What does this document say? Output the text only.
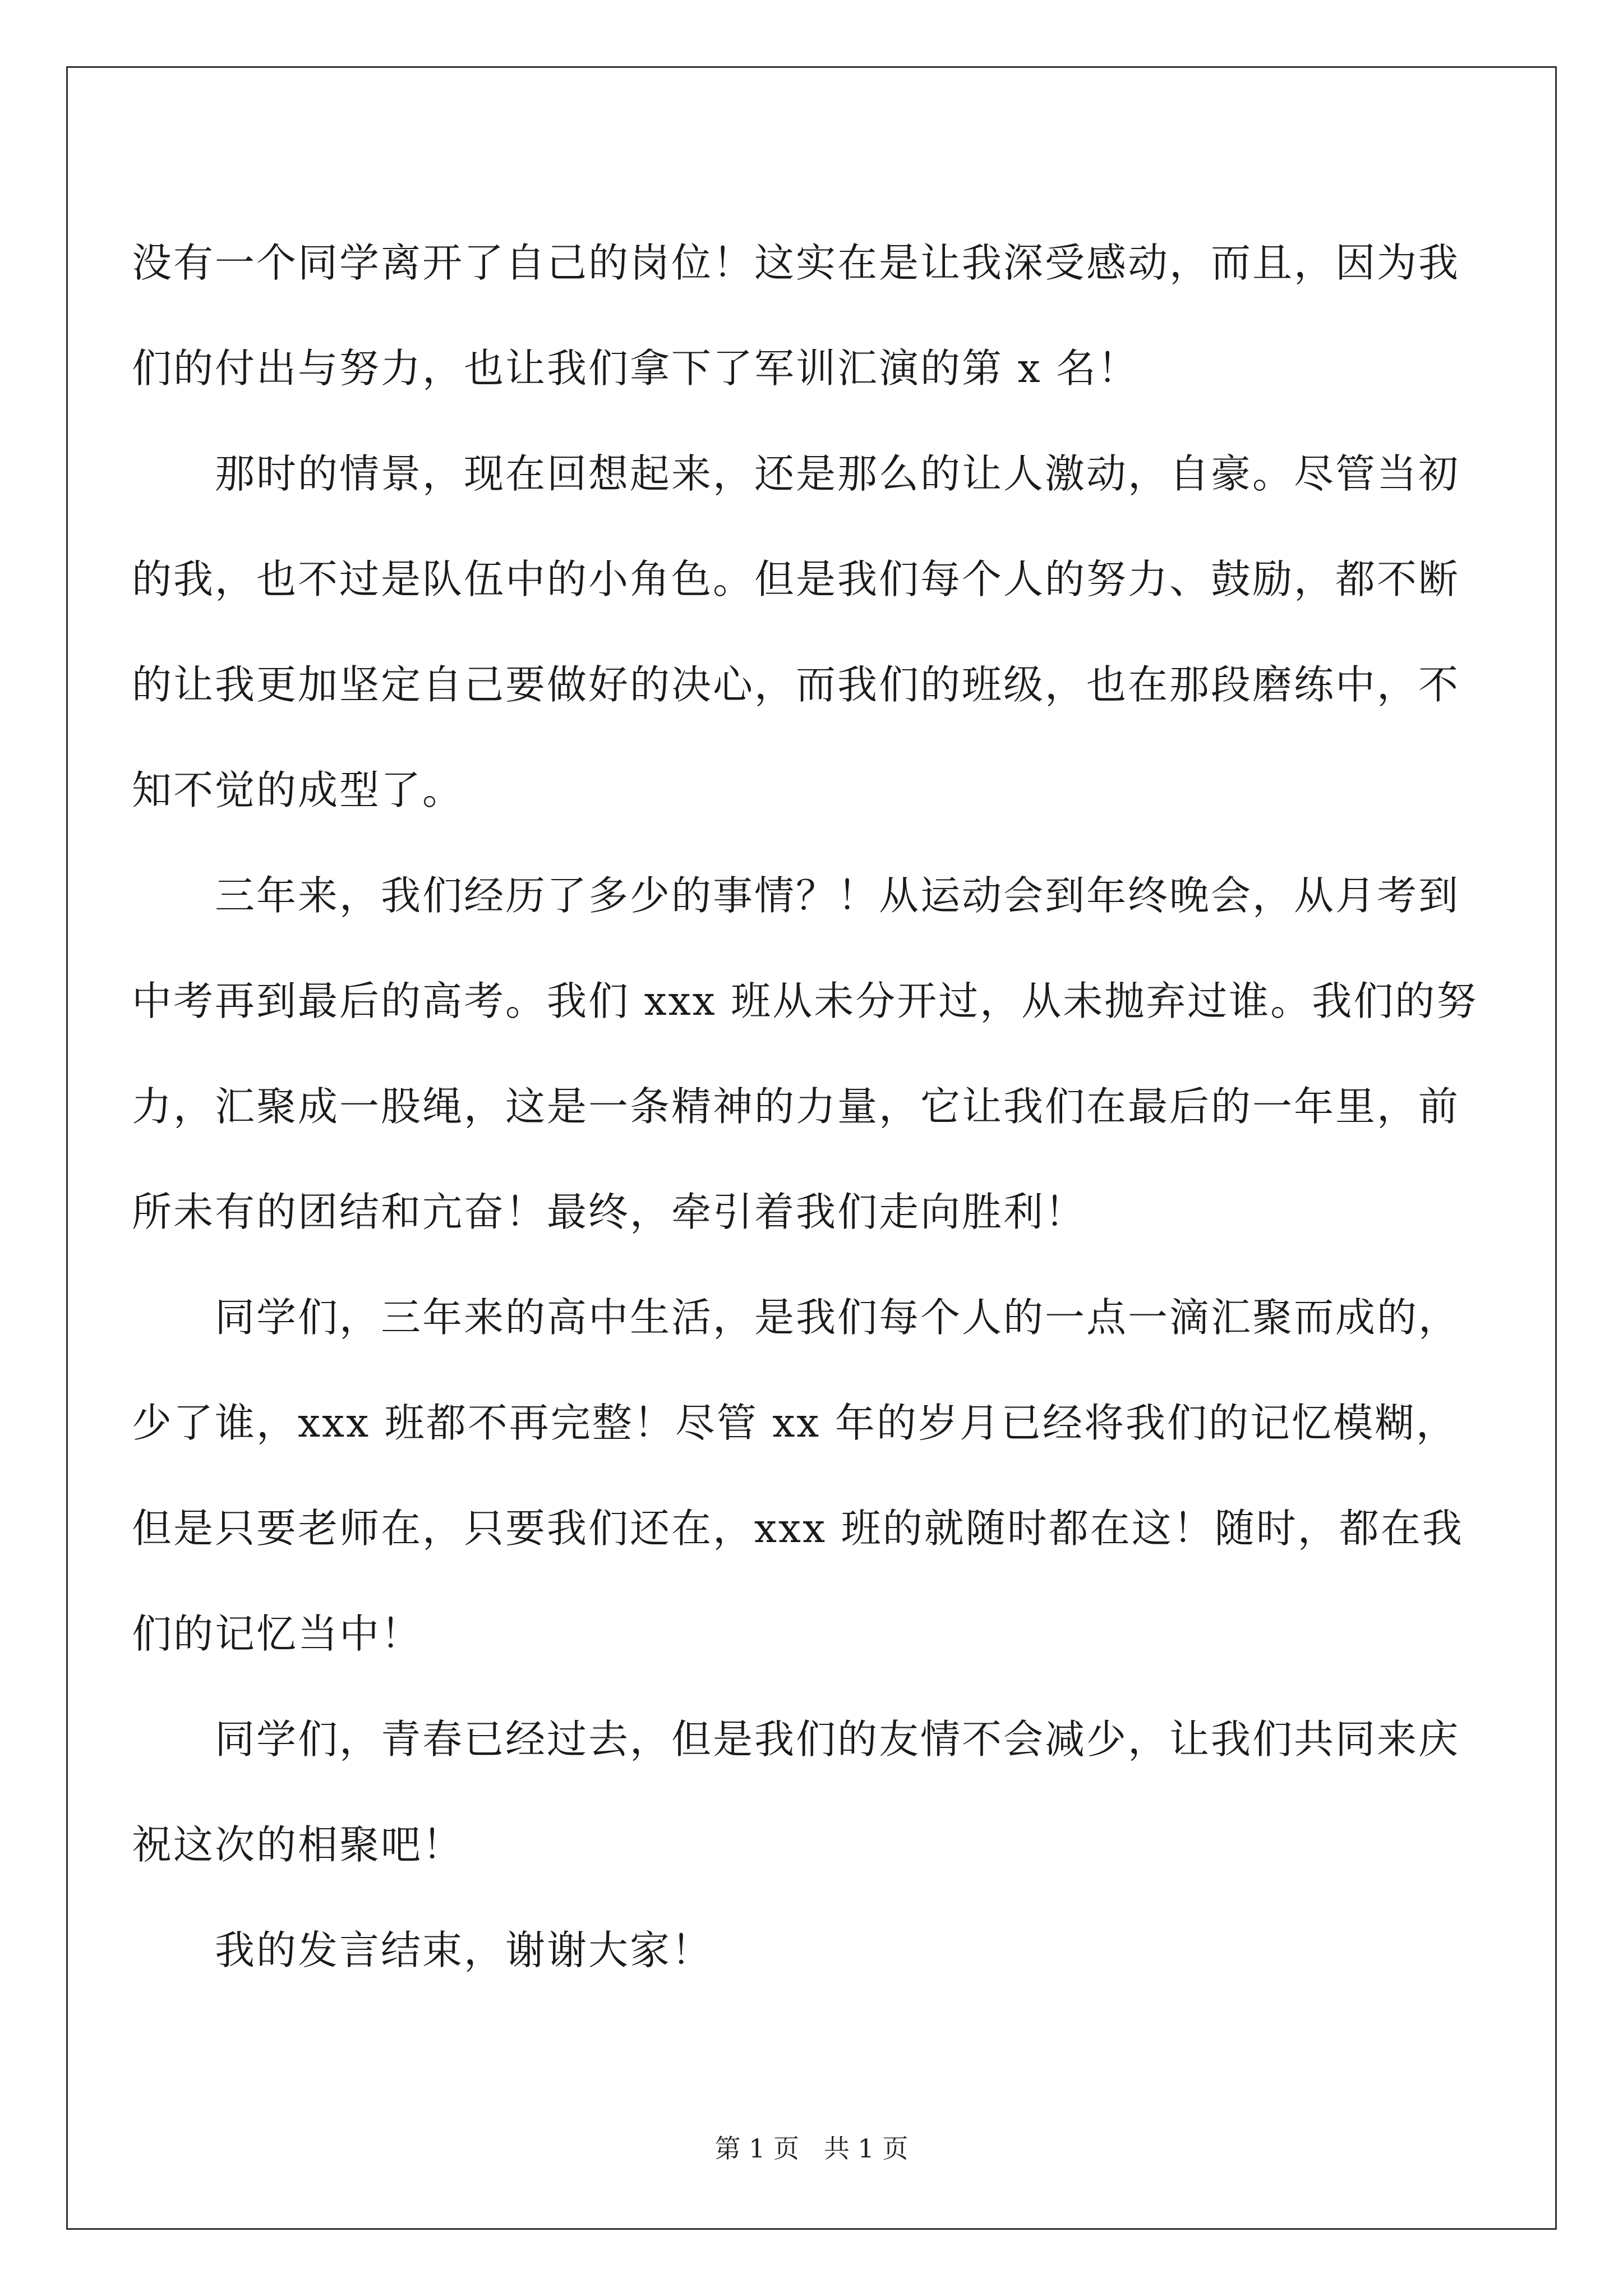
没有一个同学离开了自己的岗位！这实在是让我深受感动，而且，因为我们的付出与努力，也让我们拿下了军训汇演的第 x 名！

那时的情景，现在回想起来，还是那么的让人激动，自豪。尽管当初的我，也不过是队伍中的小角色。但是我们每个人的努力、鼓励，都不断的让我更加坚定自己要做好的决心，而我们的班级，也在那段磨练中，不知不觉的成型了。

三年来，我们经历了多少的事情？！从运动会到年终晚会，从月考到中考再到最后的高考。我们 xxx 班从未分开过，从未抛弃过谁。我们的努力，汇聚成一股绳，这是一条精神的力量，它让我们在最后的一年里，前所未有的团结和亢奋！最终，牵引着我们走向胜利！

同学们，三年来的高中生活，是我们每个人的一点一滴汇聚而成的，少了谁，xxx 班都不再完整！尽管 xx 年的岁月已经将我们的记忆模糊，但是只要老师在，只要我们还在，xxx 班的就随时都在这！随时，都在我们的记忆当中！

同学们，青春已经过去，但是我们的友情不会减少，让我们共同来庆祝这次的相聚吧！

我的发言结束，谢谢大家！

第 1 页 共 1 页
